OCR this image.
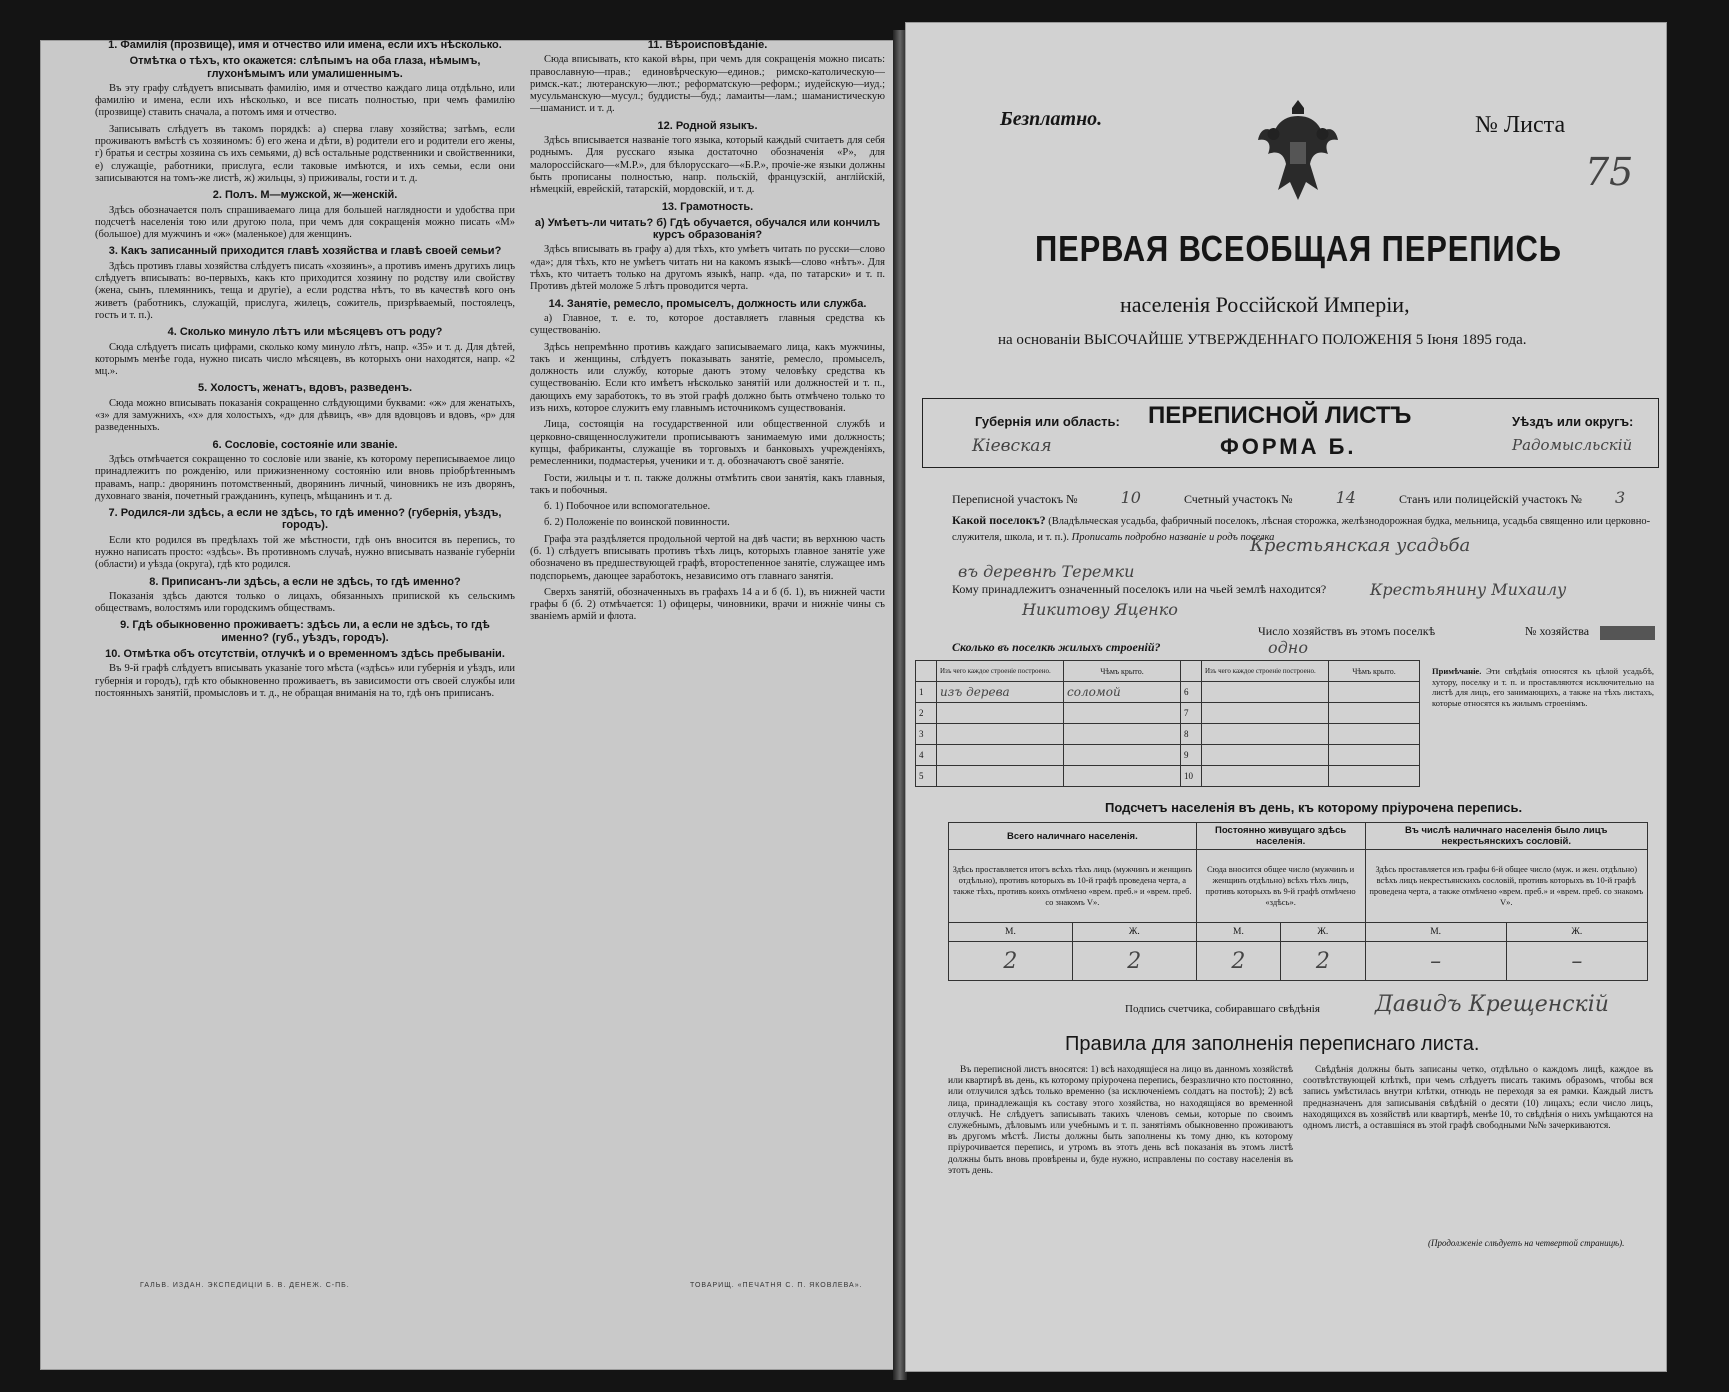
1. Фамилія (прозвище), имя и отчество или имена, если ихъ нѣсколько.
Отмѣтка о тѣхъ, кто окажется: слѣпымъ на оба глаза, нѣмымъ, глухонѣмымъ или умалишеннымъ.

Въ эту графу слѣдуетъ вписывать фамилію, имя и отчество каждаго лица отдѣльно, или фамилію и имена, если ихъ нѣсколько, и все писать полностью, при чемъ фамилію (прозвище) ставить сначала, а потомъ имя и отчество.

Записывать слѣдуетъ въ такомъ порядкѣ: а) сперва главу хозяйства; затѣмъ, если проживаютъ вмѣстѣ съ хозяиномъ: б) его жена и дѣти, в) родители его и родители его жены, г) братья и сестры хозяина съ ихъ семьями, д) всѣ остальные родственники и свойственники, е) служащіе, работники, прислуга, если таковые имѣются, и ихъ семьи, если они записываются на томъ-же листѣ, ж) жильцы, з) приживалы, гости и т. д.

2. Полъ. М—мужской, ж—женскій.

Здѣсь обозначается полъ спрашиваемаго лица для большей наглядности и удобства при подсчетѣ населенія тою или другою пола, при чемъ для сокращенія можно писать «М» (большое) для мужчинъ и «ж» (маленькое) для женщинъ.

3. Какъ записанный приходится главѣ хозяйства и главѣ своей семьи?

Здѣсь противъ главы хозяйства слѣдуетъ писать «хозяинъ», а противъ именъ другихъ лицъ слѣдуетъ вписывать: во-первыхъ, какъ кто приходится хозяину по родству или свойству (жена, сынъ, племянникъ, теща и другіе), а если родства нѣтъ, то въ качествѣ кого онъ живетъ (работникъ, служащій, прислуга, жилецъ, сожитель, призрѣваемый, постоялецъ, гость и т. п.).

4. Сколько минуло лѣтъ или мѣсяцевъ отъ роду?

Сюда слѣдуетъ писать цифрами, сколько кому минуло лѣтъ, напр. «35» и т. д. Для дѣтей, которымъ менѣе года, нужно писать число мѣсяцевъ, въ которыхъ они находятся, напр. «2 мц.».

5. Холостъ, женатъ, вдовъ, разведенъ.

Сюда можно вписывать показанія сокращенно слѣдующими буквами: «ж» для женатыхъ, «з» для замужнихъ, «х» для холостыхъ, «д» для дѣвицъ, «в» для вдовцовъ и вдовъ, «р» для разведенныхъ.

6. Сословіе, состояніе или званіе.

Здѣсь отмѣчается сокращенно то сословіе или званіе, къ которому переписываемое лицо принадлежитъ по рожденію, или прижизненному состоянію или вновь пріобрѣтеннымъ правамъ, напр.: дворянинъ потомственный, дворянинъ личный, чиновникъ не изъ дворянъ, духовнаго званія, почетный гражданинъ, купецъ, мѣщанинъ и т. д.

7. Родился-ли здѣсь, а если не здѣсь, то гдѣ именно? (губернія, уѣздъ, городъ).

Если кто родился въ предѣлахъ той же мѣстности, гдѣ онъ вносится въ перепись, то нужно написать просто: «здѣсь». Въ противномъ случаѣ, нужно вписывать названіе губерніи (области) и уѣзда (округа), гдѣ кто родился.

8. Приписанъ-ли здѣсь, а если не здѣсь, то гдѣ именно?

Показанія здѣсь даются только о лицахъ, обязанныхъ припиской къ сельскимъ обществамъ, волостямъ или городскимъ обществамъ.

9. Гдѣ обыкновенно проживаетъ: здѣсь ли, а если не здѣсь, то гдѣ именно? (губ., уѣздъ, городъ).
10. Отмѣтка объ отсутствіи, отлучкѣ и о временномъ здѣсь пребываніи.

Въ 9-й графѣ слѣдуетъ вписывать указаніе того мѣста («здѣсь» или губернія и уѣздъ, или губернія и городъ), гдѣ кто обыкновенно проживаетъ, въ зависимости отъ своей службы или постоянныхъ занятій, промысловъ и т. д., не обращая вниманія на то, гдѣ онъ приписанъ.

11. Вѣроисповѣданіе.

Сюда вписывать, кто какой вѣры, при чемъ для сокращенія можно писать: православную—прав.; единовѣрческую—единов.; римско-католическую—римск.-кат.; лютеранскую—лют.; реформатскую—реформ.; иудейскую—иуд.; мусульманскую—мусул.; буддисты—буд.; ламаиты—лам.; шаманистическую—шаманист. и т. д.

12. Родной языкъ.

Здѣсь вписывается названіе того языка, который каждый считаетъ для себя роднымъ. Для русскаго языка достаточно обозначенія «Р», для малороссійскаго—«М.Р.», для бѣлорусскаго—«Б.Р.», прочіе-же языки должны быть прописаны полностью, напр. польскій, французскій, англійскій, нѣмецкій, еврейскій, татарскій, мордовскій, и т. д.

13. Грамотность.
а) Умѣетъ-ли читать? б) Гдѣ обучается, обучался или кончилъ курсъ образованія?

Здѣсь вписывать въ графу а) для тѣхъ, кто умѣетъ читать по русски—слово «да»; для тѣхъ, кто не умѣетъ читать ни на какомъ языкѣ—слово «нѣтъ». Для тѣхъ, кто читаетъ только на другомъ языкѣ, напр. «да, по татарски» и т. п. Противъ дѣтей моложе 5 лѣтъ проводится черта.

14. Занятіе, ремесло, промыселъ, должность или служба.

а) Главное, т. е. то, которое доставляетъ главныя средства къ существованію.

Здѣсь непремѣнно противъ каждаго записываемаго лица, какъ мужчины, такъ и женщины, слѣдуетъ показывать занятіе, ремесло, промыселъ, должность или службу, которые даютъ этому человѣку средства къ существованію. Если кто имѣетъ нѣсколько занятій или должностей и т. п., дающихъ ему заработокъ, то въ этой графѣ должно быть отмѣчено только то изъ нихъ, которое служитъ ему главнымъ источникомъ существованія.

Лица, состоящія на государственной или общественной службѣ и церковно-священнослужители прописываютъ занимаемую ими должность; купцы, фабриканты, служащіе въ торговыхъ и банковыхъ учрежденіяхъ, ремесленники, подмастерья, ученики и т. д. обозначаютъ своё занятіе.

Гости, жильцы и т. п. также должны отмѣтить свои занятія, какъ главныя, такъ и побочныя.

б. 1) Побочное или вспомогательное.

б. 2) Положеніе по воинской повинности.

Графа эта раздѣляется продольной чертой на двѣ части; въ верхнюю часть (б. 1) слѣдуетъ вписывать противъ тѣхъ лицъ, которыхъ главное занятіе уже обозначено въ предшествующей графѣ, второстепенное занятіе, служащее имъ подспорьемъ, дающее заработокъ, независимо отъ главнаго занятія.

Сверхъ занятій, обозначенныхъ въ графахъ 14 а и б (б. 1), въ нижней части графы б (б. 2) отмѣчается: 1) офицеры, чиновники, врачи и нижніе чины съ званіемъ армій и флота.

ГАЛЬВ. ИЗДАН. ЭКСПЕДИЦІИ Б. В. ДЕНЕЖ. С-ПБ.	ТОВАРИЩ. «ПЕЧАТНЯ С. П. ЯКОВЛЕВА».
Безплатно.	№ Листа
75
ПЕРВАЯ ВСЕОБЩАЯ ПЕРЕПИСЬ
населенія Россійской Имперіи,
на основаніи ВЫСОЧАЙШЕ УТВЕРЖДЕННАГО ПОЛОЖЕНІЯ 5 Іюня 1895 года.
Губернія или область:
Кіевская
ПЕРЕПИСНОЙ ЛИСТЪ
ФОРМА Б.
Уѣздъ или округъ:
Радомысльскій
Переписной участокъ №	10	Счетный участокъ №	14	Станъ или полицейскій участокъ № 3
Какой поселокъ? (Владѣльческая усадьба, фабричный поселокъ, лѣсная сторожка, желѣзнодорожная будка, мельница, усадьба священно или церковно-служителя, школа, и т. п.). Прописать подробно названіе и родъ поселка
Крестьянская усадьба
въ деревнѣ Теремки
Кому принадлежитъ означенный поселокъ или на чьей землѣ находится?	Крестьянину Михаилу
Никитову Яценко
Число хозяйствъ въ этомъ поселкѣ	№ хозяйства
Сколько въ поселкѣ жилыхъ строеній?	одно
	Изъ чего каждое строеніе построено.	Чѣмъ крыто.		Изъ чего каждое строеніе построено.	Чѣмъ крыто.
1	изъ дерева	соломой	6		
2			7		
3			8		
4			9		
5			10		
Примѣчаніе. Эти свѣдѣнія относятся къ цѣлой усадьбѣ, хутору, поселку и т. п. и проставляются исключительно на листѣ для лицъ, его занимающихъ, а также на тѣхъ листахъ, которые относятся къ жилымъ строеніямъ.
Подсчетъ населенія въ день, къ которому пріурочена перепись.
Всего наличнаго населенія.		Постоянно живущаго здѣсь населенія.		Въ числѣ наличнаго населенія было лицъ некрестьянскихъ сословій.	
Здѣсь проставляется итогъ всѣхъ тѣхъ лицъ (мужчинъ и женщинъ отдѣльно), противъ которыхъ въ 10-й графѣ проведена черта, а также тѣхъ, противъ коихъ отмѣчено «врем. преб.» и «врем. преб. со знакомъ V».		Сюда вносится общее число (мужчинъ и женщинъ отдѣльно) всѣхъ тѣхъ лицъ, противъ которыхъ въ 9-й графѣ отмѣчено «здѣсь».		Здѣсь проставляется изъ графы 6-й общее число (муж. и жен. отдѣльно) всѣхъ лицъ некрестьянскихъ сословій, противъ которыхъ въ 10-й графѣ проведена черта, а также отмѣчено «врем. преб.» и «врем. преб. со знакомъ V».	
М.	Ж.	М.	Ж.	М.	Ж.
2	2	2	2	–	–
Подпись счетчика, собиравшаго свѣдѣнія	Давидъ Крещенскій
Правила для заполненія переписнаго листа.

Въ переписной листъ вносятся: 1) всѣ находящіеся на лицо въ данномъ хозяйствѣ или квартирѣ въ день, къ которому пріурочена перепись, безразлично кто постоянно, или отлучился здѣсь только временно (за исключеніемъ солдатъ на постоѣ); 2) всѣ лица, принадлежащія къ составу этого хозяйства, но находящіяся во временной отлучкѣ. Не слѣдуетъ записывать такихъ членовъ семьи, которые по своимъ служебнымъ, дѣловымъ или учебнымъ и т. п. занятіямъ обыкновенно проживаютъ въ другомъ мѣстѣ. Листы должны быть заполнены къ тому дню, къ которому пріурочивается перепись, и утромъ въ этотъ день всѣ показанія въ этомъ листѣ должны быть вновь провѣрены и, буде нужно, исправлены по составу населенія въ этотъ день.

Свѣдѣнія должны быть записаны четко, отдѣльно о каждомъ лицѣ, каждое въ соотвѣтствующей клѣткѣ, при чемъ слѣдуетъ писать такимъ образомъ, чтобы вся запись умѣстилась внутри клѣтки, отнюдь не переходя за ея рамки. Каждый листъ предназначенъ для записыванія свѣдѣній о десяти (10) лицахъ; если число лицъ, находящихся въ хозяйствѣ или квартирѣ, менѣе 10, то свѣдѣнія о нихъ умѣщаются на одномъ листѣ, а оставшіяся въ этой графѣ свободными №№ зачеркиваются.

(Продолженіе слѣдуетъ на четвертой страницѣ).
